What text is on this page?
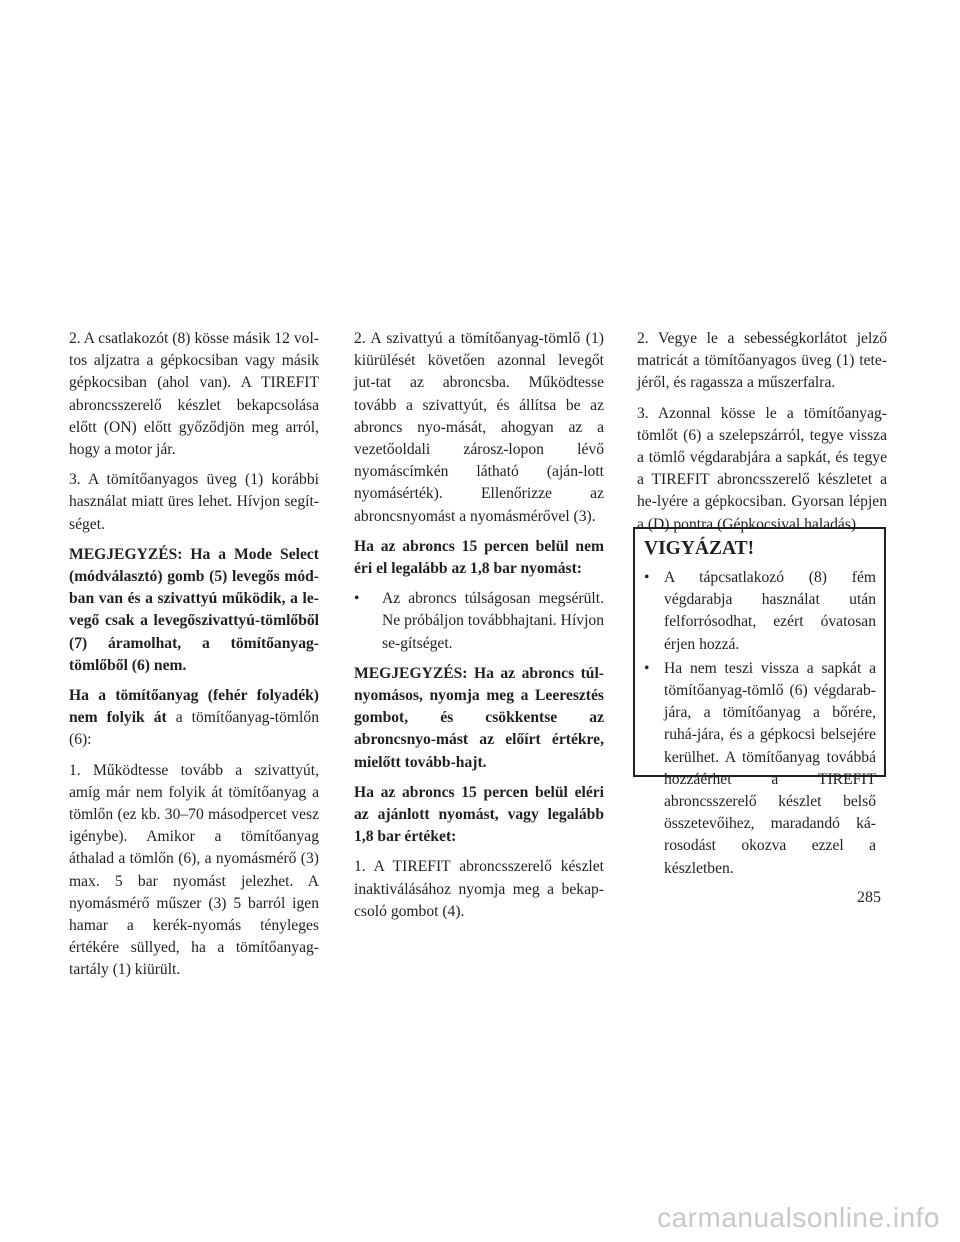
2. A csatlakozót (8) kösse másik 12 vol-tos aljzatra a gépkocsiban vagy másik gépkocsiban (ahol van). A TIREFIT abroncsszerelő készlet bekapcsolása előtt (ON) előtt győződjön meg arról, hogy a motor jár.

3. A tömítőanyagos üveg (1) korábbi használat miatt üres lehet. Hívjon segít-séget.

MEGJEGYZÉS: Ha a Mode Select (módválasztó) gomb (5) levegős mód-ban van és a szivattyú működik, a le-vegő csak a levegőszivattyú-tömlőből (7) áramolhat, a tömítőanyag-tömlőből (6) nem.

Ha a tömítőanyag (fehér folyadék) nem folyik át a tömítőanyag-tömlőn (6):

1. Működtesse tovább a szivattyút, amíg már nem folyik át tömítőanyag a tömlőn (ez kb. 30–70 másodpercet vesz igénybe). Amikor a tömítőanyag áthalad a tömlőn (6), a nyomásmérő (3) max. 5 bar nyomást jelezhet. A nyomásmérő műszer (3) 5 barról igen hamar a kerék-nyomás tényleges értékére süllyed, ha a tömítőanyag-tartály (1) kiürült.

2. A szivattyú a tömítőanyag-tömlő (1) kiürülését követően azonnal levegőt jut-tat az abroncsba. Működtesse tovább a szivattyút, és állítsa be az abroncs nyo-mását, ahogyan az a vezetőoldali zárosz-lopon lévő nyomáscímkén látható (aján-lott nyomásérték). Ellenőrizze az abroncsnyomást a nyomásmérővel (3).

Ha az abroncs 15 percen belül nem éri el legalább az 1,8 bar nyomást:

• Az abroncs túlságosan megsérült. Ne próbáljon továbbhajtani. Hívjon se-gítséget.

MEGJEGYZÉS: Ha az abroncs túl-nyomásos, nyomja meg a Leeresztés gombot, és csökkentse az abroncsnyo-mást az előírt értékre, mielőtt tovább-hajt.

Ha az abroncs 15 percen belül eléri az ajánlott nyomást, vagy legalább 1,8 bar értéket:

1. A TIREFIT abroncsszerelő készlet inaktiválásához nyomja meg a bekap-csoló gombot (4).

2. Vegye le a sebességkorlátot jelző matricát a tömítőanyagos üveg (1) tete-jéről, és ragassza a műszerfalra.

3. Azonnal kösse le a tömítőanyag-tömlőt (6) a szelepszárról, tegye vissza a tömlő végdarabjára a sapkát, és tegye a TIREFIT abroncsszerelő készletet a he-lyére a gépkocsiban. Gyorsan lépjen a (D) pontra (Gépkocsival haladás).

VIGYÁZAT!

• A tápcsatlakozó (8) fém végdarabja használat után felforrósodhat, ezért óvatosan érjen hozzá.

• Ha nem teszi vissza a sapkát a tömítőanyag-tömlő (6) végdarab-jára, a tömítőanyag a bőrére, ruhá-jára, és a gépkocsi belsejére kerülhet. A tömítőanyag továbbá hozzáérhet a TIREFIT abroncsszerelő készlet belső összetevőihez, maradandó ká-rosodást okozva ezzel a készletben.

285
carmanualsonline.info
